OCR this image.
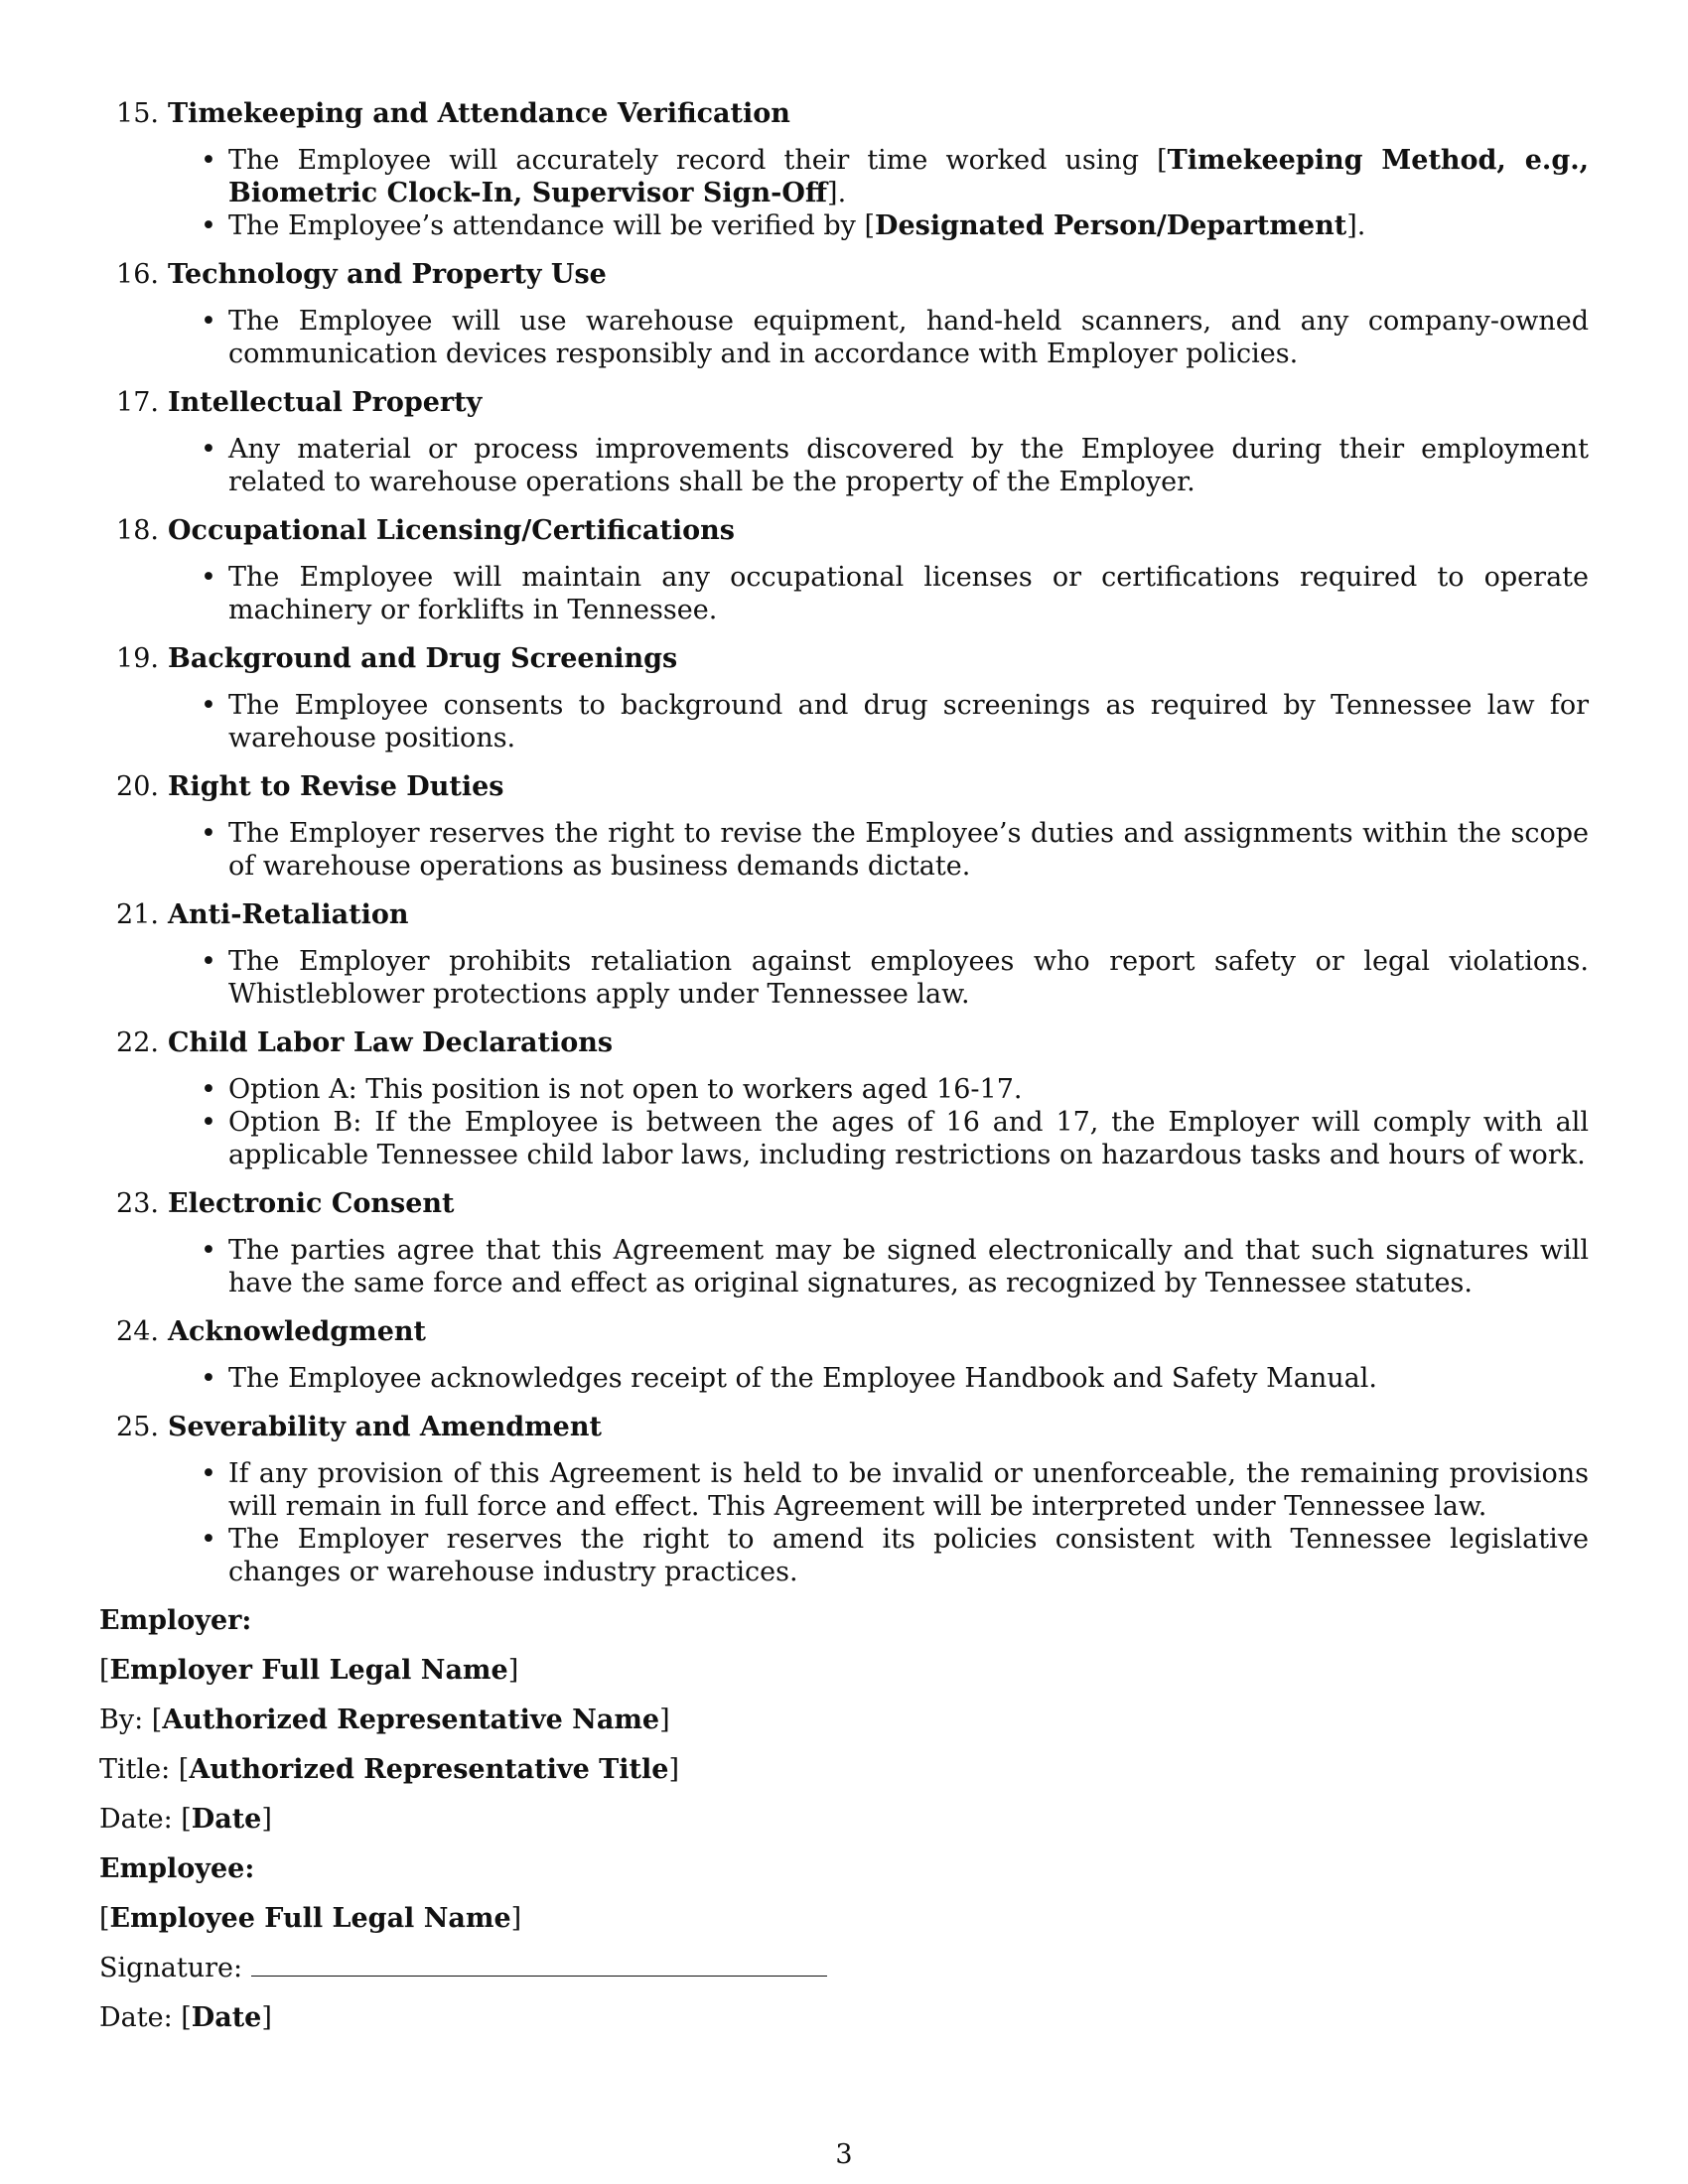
15. Timekeeping and Attendance Verification
• The Employee will accurately record their time worked using [Timekeeping Method, e.g., Biometric Clock-In, Supervisor Sign-Off].
• The Employee’s attendance will be verified by [Designated Person/Department].
16. Technology and Property Use
• The Employee will use warehouse equipment, hand-held scanners, and any company-owned communication devices responsibly and in accordance with Employer policies.
17. Intellectual Property
• Any material or process improvements discovered by the Employee during their employment related to warehouse operations shall be the property of the Employer.
18. Occupational Licensing/Certifications
• The Employee will maintain any occupational licenses or certifications required to operate machinery or forklifts in Tennessee.
19. Background and Drug Screenings
• The Employee consents to background and drug screenings as required by Tennessee law for warehouse positions.
20. Right to Revise Duties
• The Employer reserves the right to revise the Employee’s duties and assignments within the scope of warehouse operations as business demands dictate.
21. Anti-Retaliation
• The Employer prohibits retaliation against employees who report safety or legal violations. Whistleblower protections apply under Tennessee law.
22. Child Labor Law Declarations
• Option A: This position is not open to workers aged 16-17.
• Option B: If the Employee is between the ages of 16 and 17, the Employer will comply with all applicable Tennessee child labor laws, including restrictions on hazardous tasks and hours of work.
23. Electronic Consent
• The parties agree that this Agreement may be signed electronically and that such signatures will have the same force and effect as original signatures, as recognized by Tennessee statutes.
24. Acknowledgment
• The Employee acknowledges receipt of the Employee Handbook and Safety Manual.
25. Severability and Amendment
• If any provision of this Agreement is held to be invalid or unenforceable, the remaining provisions will remain in full force and effect. This Agreement will be interpreted under Tennessee law.
• The Employer reserves the right to amend its policies consistent with Tennessee legislative changes or warehouse industry practices.
Employer:
[Employer Full Legal Name]
By: [Authorized Representative Name]
Title: [Authorized Representative Title]
Date: [Date]
Employee:
[Employee Full Legal Name]
Signature:
Date: [Date]
3
